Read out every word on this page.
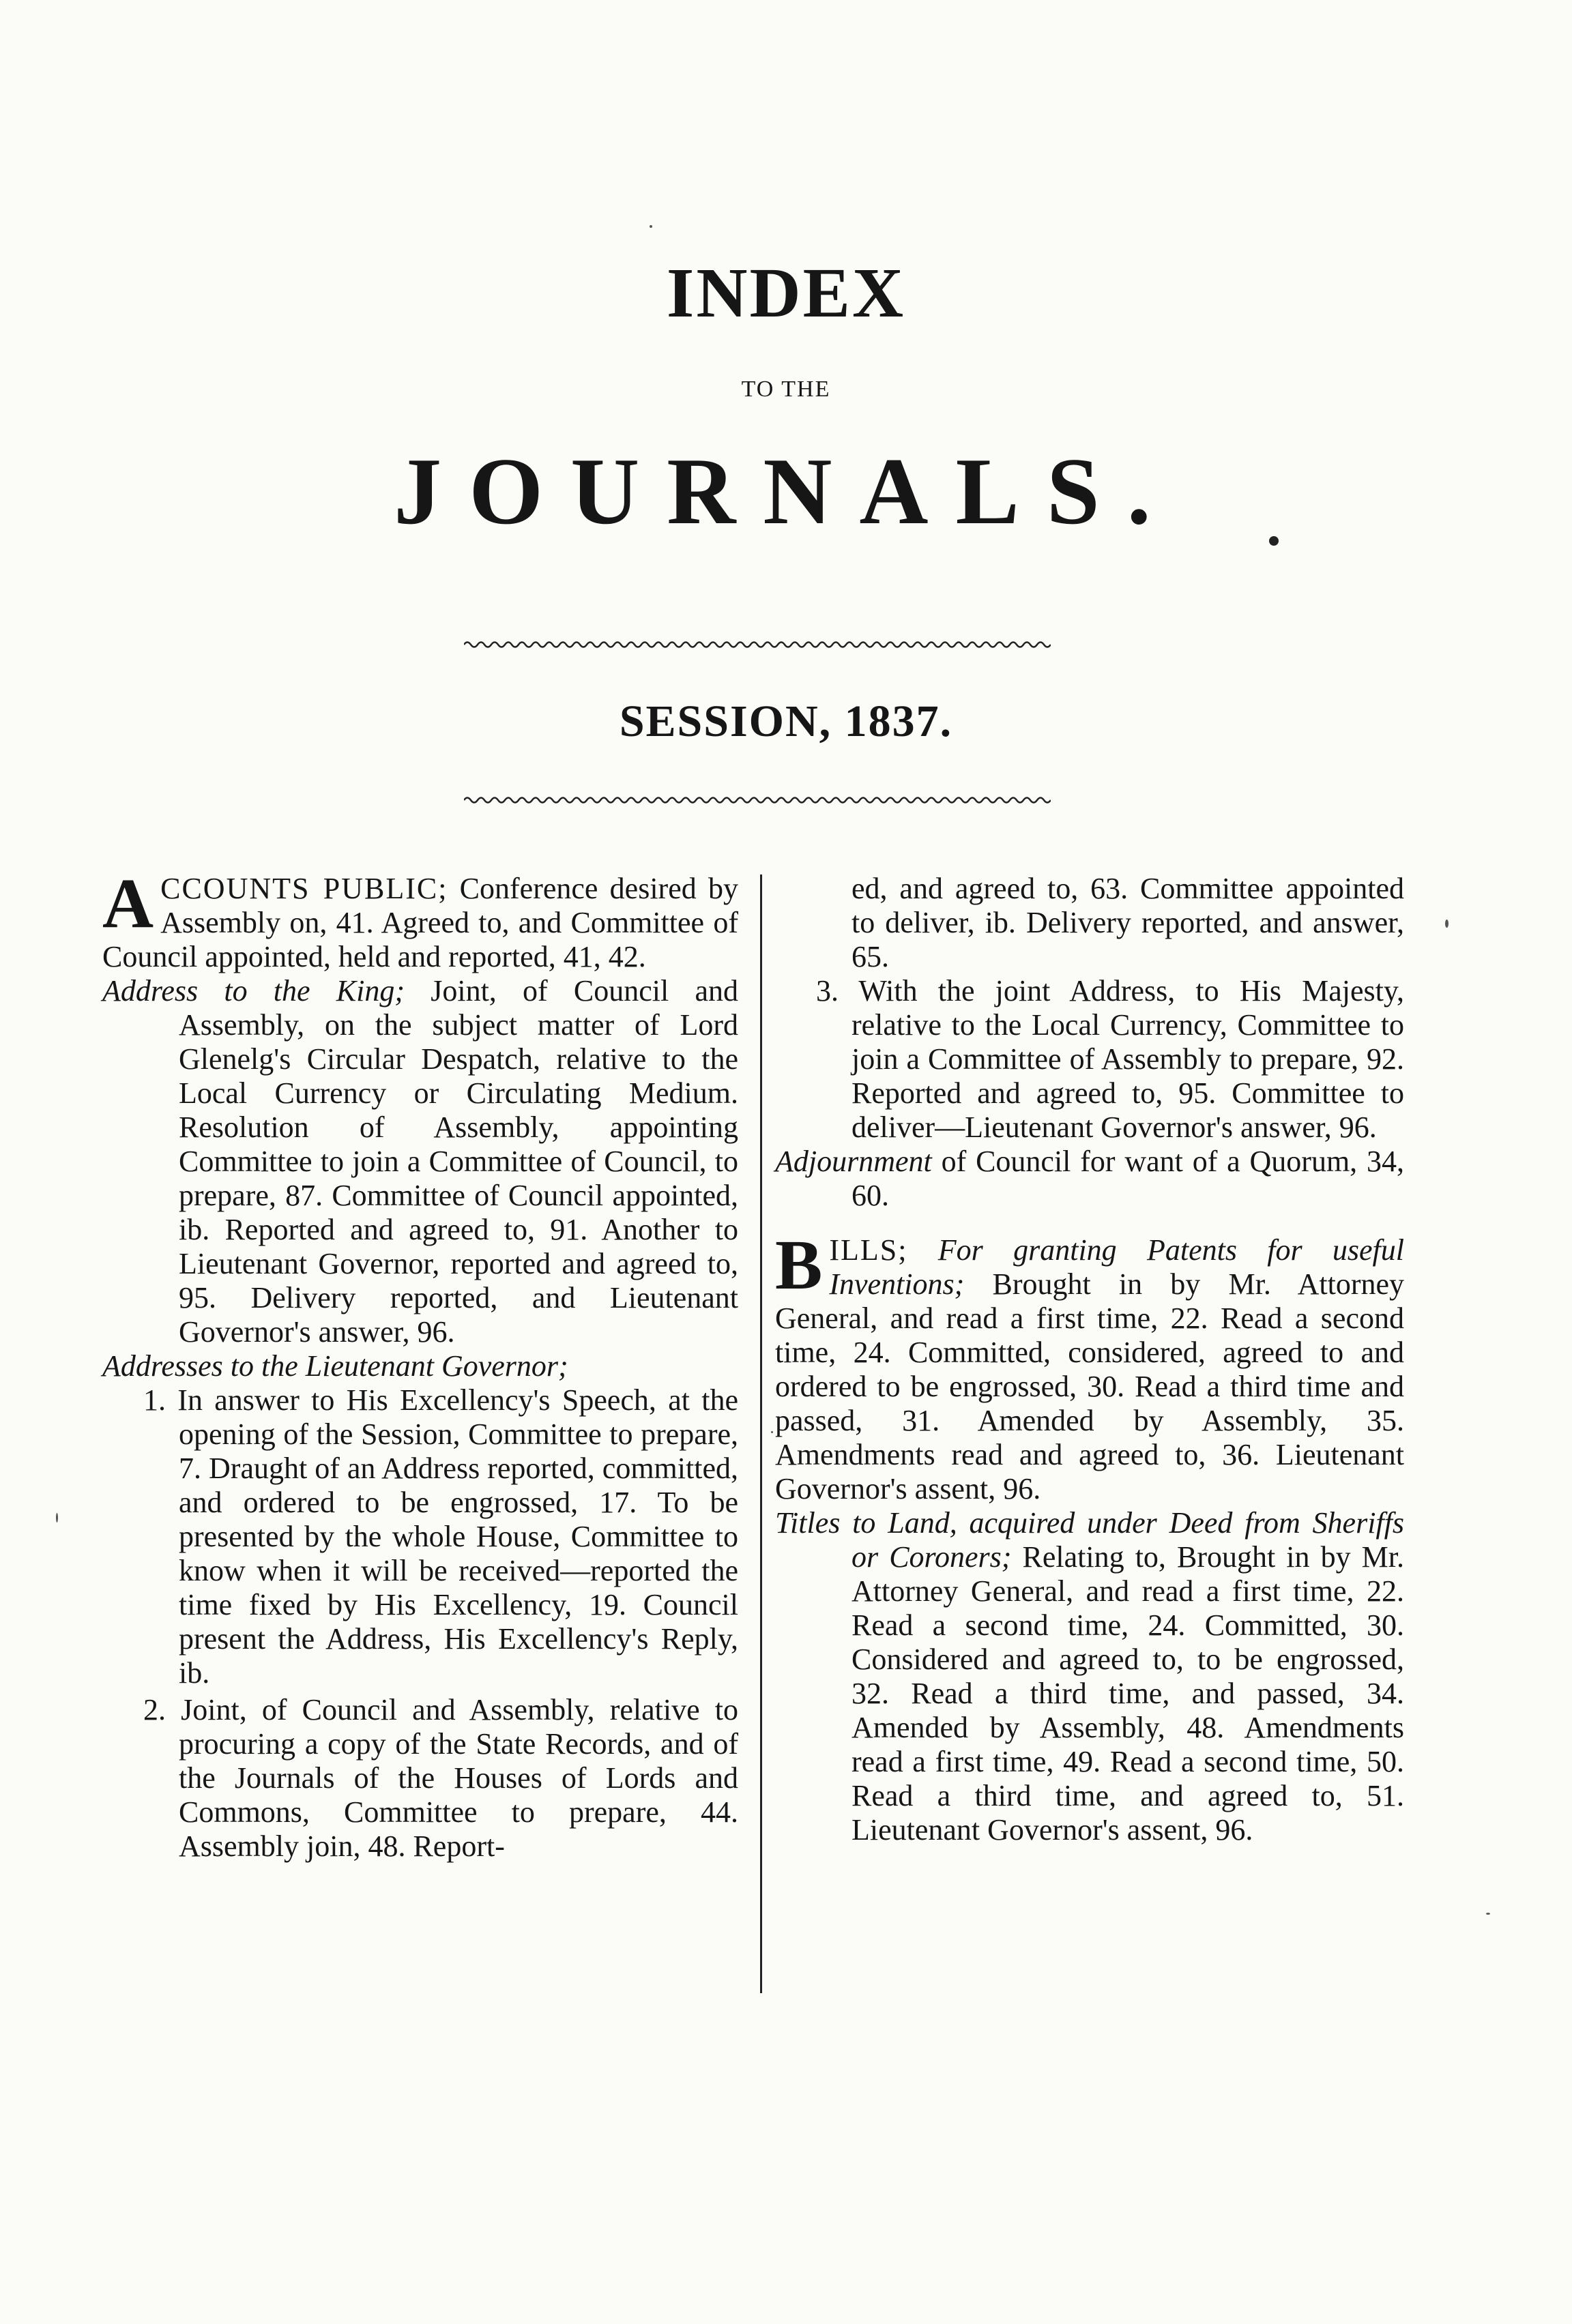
INDEX
TO THE
JOURNALS.
SESSION, 1837.

ACCOUNTS PUBLIC; Conference desired by Assembly on, 41. Agreed to, and Committee of Council appointed, held and reported, 41, 42.

Address to the King; Joint, of Council and Assembly, on the subject matter of Lord Glenelg's Circular Despatch, relative to the Local Currency or Circulating Medium. Resolution of Assembly, appointing Committee to join a Committee of Council, to prepare, 87. Committee of Council appointed, ib. Reported and agreed to, 91. Another to Lieutenant Governor, reported and agreed to, 95. Delivery reported, and Lieutenant Governor's answer, 96.

Addresses to the Lieutenant Governor;

1. In answer to His Excellency's Speech, at the opening of the Session, Committee to prepare, 7. Draught of an Address reported, committed, and ordered to be engrossed, 17. To be presented by the whole House, Committee to know when it will be received—reported the time fixed by His Excellency, 19. Council present the Address, His Excellency's Reply, ib.

2. Joint, of Council and Assembly, relative to procuring a copy of the State Records, and of the Journals of the Houses of Lords and Commons, Committee to prepare, 44. Assembly join, 48. Report-

ed, and agreed to, 63. Committee appointed to deliver, ib. Delivery reported, and answer, 65.

3. With the joint Address, to His Majesty, relative to the Local Currency, Committee to join a Committee of Assembly to prepare, 92. Reported and agreed to, 95. Committee to deliver—Lieutenant Governor's answer, 96.

Adjournment of Council for want of a Quorum, 34, 60.

BILLS; For granting Patents for useful Inventions; Brought in by Mr. Attorney General, and read a first time, 22. Read a second time, 24. Committed, considered, agreed to and ordered to be engrossed, 30. Read a third time and passed, 31. Amended by Assembly, 35. Amendments read and agreed to, 36. Lieutenant Governor's assent, 96.

Titles to Land, acquired under Deed from Sheriffs or Coroners; Relating to, Brought in by Mr. Attorney General, and read a first time, 22. Read a second time, 24. Committed, 30. Considered and agreed to, to be engrossed, 32. Read a third time, and passed, 34. Amended by Assembly, 48. Amendments read a first time, 49. Read a second time, 50. Read a third time, and agreed to, 51. Lieutenant Governor's assent, 96.
